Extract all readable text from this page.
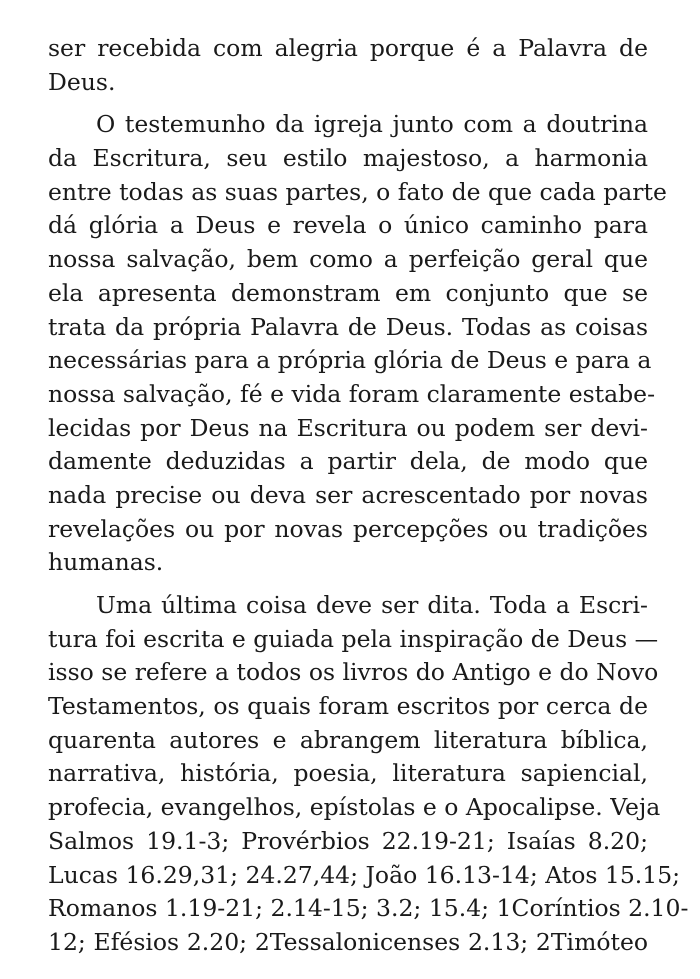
ser recebida com alegria porque é a Palavra de
Deus.
O testemunho da igreja junto com a doutrina
da Escritura, seu estilo majestoso, a harmonia
entre todas as suas partes, o fato de que cada parte
dá glória a Deus e revela o único caminho para
nossa salvação, bem como a perfeição geral que
ela apresenta demonstram em conjunto que se
trata da própria Palavra de Deus. Todas as coisas
necessárias para a própria glória de Deus e para a
nossa salvação, fé e vida foram claramente estabe-
lecidas por Deus na Escritura ou podem ser devi-
damente deduzidas a partir dela, de modo que
nada precise ou deva ser acrescentado por novas
revelações ou por novas percepções ou tradições
humanas.
Uma última coisa deve ser dita. Toda a Escri-
tura foi escrita e guiada pela inspiração de Deus —
isso se refere a todos os livros do Antigo e do Novo
Testamentos, os quais foram escritos por cerca de
quarenta autores e abrangem literatura bíblica,
narrativa, história, poesia, literatura sapiencial,
profecia, evangelhos, epístolas e o Apocalipse. Veja
Salmos 19.1-3; Provérbios 22.19-21; Isaías 8.20;
Lucas 16.29,31; 24.27,44; João 16.13-14; Atos 15.15;
Romanos 1.19-21; 2.14-15; 3.2; 15.4; 1Coríntios 2.10-
12; Efésios 2.20; 2Tessalonicenses 2.13; 2Timóteo
